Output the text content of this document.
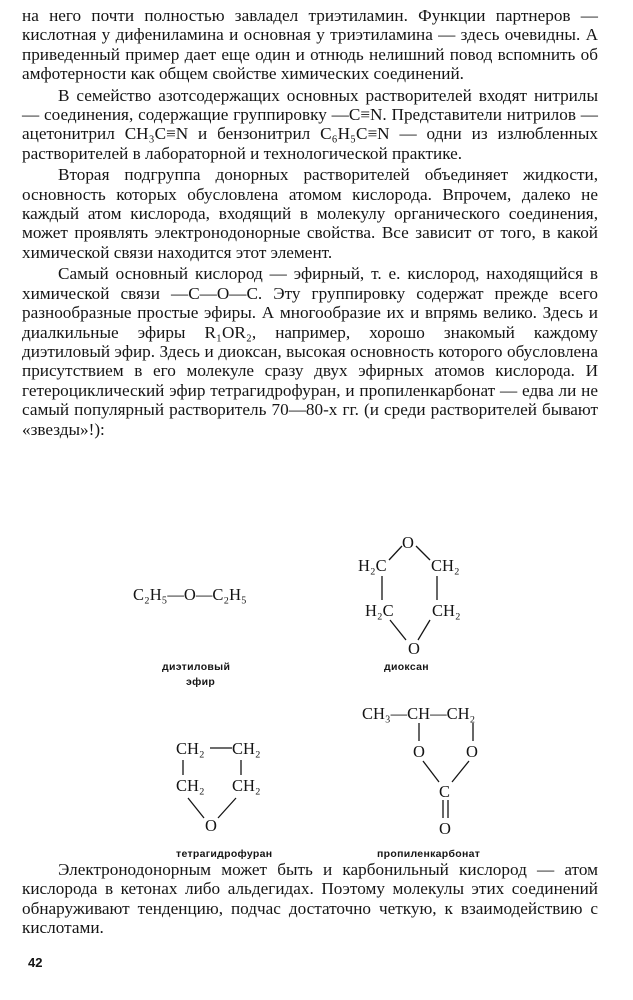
на него почти полностью завладел триэтиламин. Функции партнеров — кислотная у дифениламина и основная у триэтиламина — здесь очевидны. А приведенный пример дает еще один и отнюдь нелишний повод вспомнить об амфотерности как общем свойстве химических соединений.

В семейство азотсодержащих основных растворителей входят нитрилы — соединения, содержащие группировку —C≡N. Представители нитрилов — ацетонитрил CH₃C≡N и бензонитрил C₆H₅C≡N — одни из излюбленных растворителей в лабораторной и технологической практике.

Вторая подгруппа донорных растворителей объединяет жидкости, основность которых обусловлена атомом кислорода. Впрочем, далеко не каждый атом кислорода, входящий в молекулу органического соединения, может проявлять электронодонорные свойства. Все зависит от того, в какой химической связи находится этот элемент.

Самый основный кислород — эфирный, т. е. кислород, находящийся в химической связи —C—O—C. Эту группировку содержат прежде всего разнообразные простые эфиры. А многообразие их и впрямь велико. Здесь и диалкильные эфиры R₁OR₂, например, хорошо знакомый каждому диэтиловый эфир. Здесь и диоксан, высокая основность которого обусловлена присутствием в его молекуле сразу двух эфирных атомов кислорода. И гетероциклический эфир тетрагидрофуран, и пропиленкарбонат — едва ли не самый популярный растворитель 70—80-х гг. (и среди растворителей бывают «звезды»!):

C₂H₅—O—C₂H₅
диэтиловый
эфир
O
H₂C	CH₂
H₂C CH₂
O
диоксан
CH₂ CH₂
CH₂ CH₂
O
тетрагидрофуран
CH₃—CH—CH₂
O O
C
O
пропиленкарбонат

Электронодонорным может быть и карбонильный кислород — атом кислорода в кетонах либо альдегидах. Поэтому молекулы этих соединений обнаруживают тенденцию, подчас достаточно четкую, к взаимодействию с кислотами.

42
